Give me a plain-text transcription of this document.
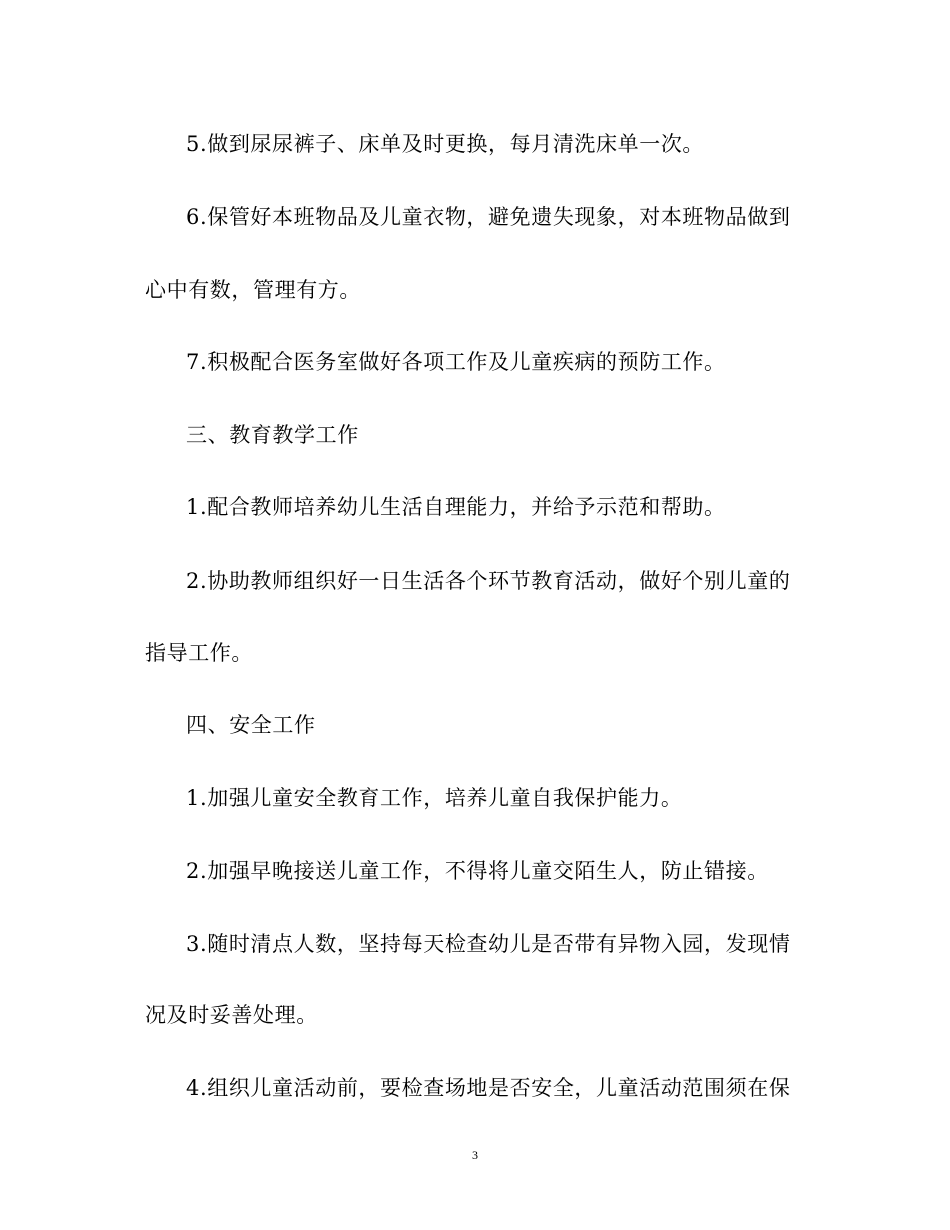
5.做到尿尿裤子、床单及时更换，每月清洗床单一次。
6.保管好本班物品及儿童衣物，避免遗失现象，对本班物品做到
心中有数，管理有方。
7.积极配合医务室做好各项工作及儿童疾病的预防工作。
三、教育教学工作
1.配合教师培养幼儿生活自理能力，并给予示范和帮助。
2.协助教师组织好一日生活各个环节教育活动，做好个别儿童的
指导工作。
四、安全工作
1.加强儿童安全教育工作，培养儿童自我保护能力。
2.加强早晚接送儿童工作，不得将儿童交陌生人，防止错接。
3.随时清点人数，坚持每天检查幼儿是否带有异物入园，发现情
况及时妥善处理。
4.组织儿童活动前，要检查场地是否安全，儿童活动范围须在保
3
